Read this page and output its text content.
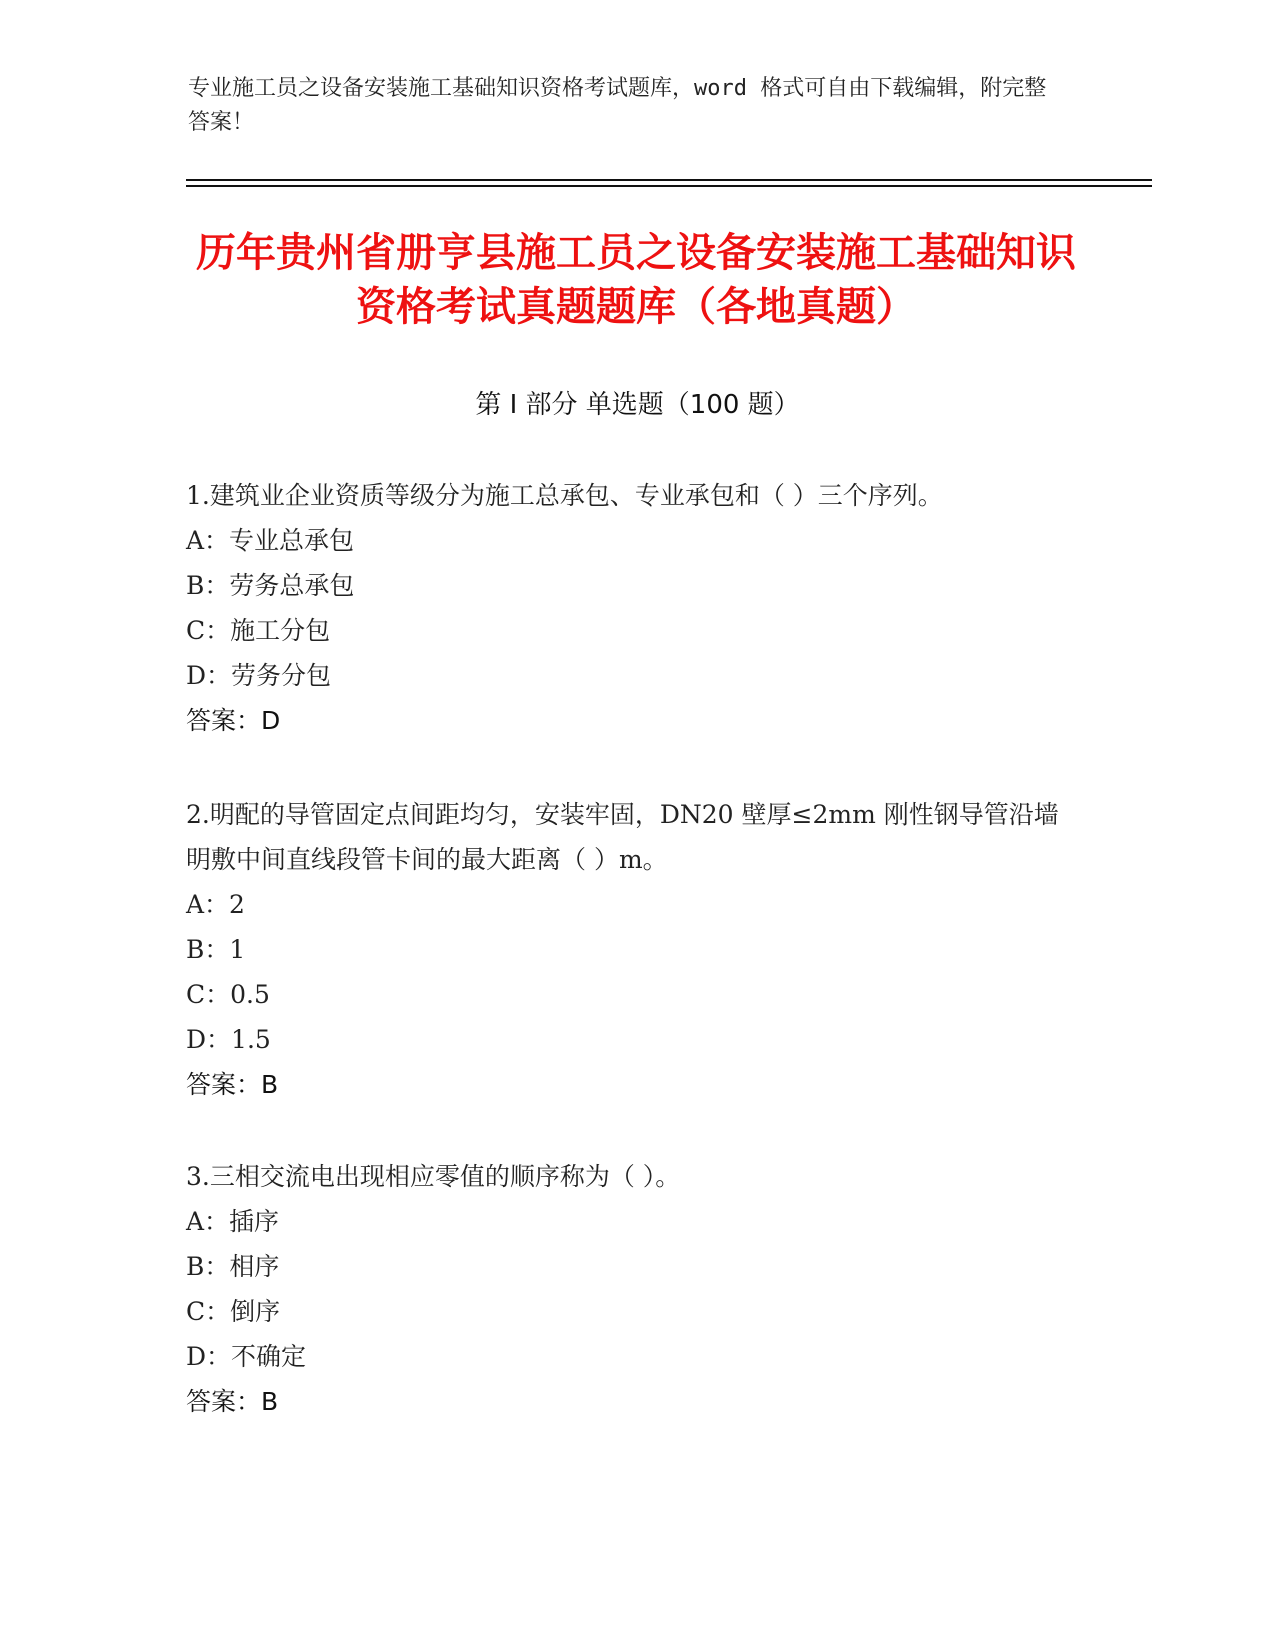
专业施工员之设备安装施工基础知识资格考试题库，word 格式可自由下载编辑，附完整答案！
历年贵州省册亨县施工员之设备安装施工基础知识资格考试真题题库（各地真题）
第 I 部分 单选题（100 题）

1.建筑业企业资质等级分为施工总承包、专业承包和（ ）三个序列。

A：专业总承包

B：劳务总承包

C：施工分包

D：劳务分包

答案：D

2.明配的导管固定点间距均匀，安装牢固，DN20 壁厚≤2mm 刚性钢导管沿墙明敷中间直线段管卡间的最大距离（ ）m。

A：2

B：1

C：0.5

D：1.5

答案：B

3.三相交流电出现相应零值的顺序称为（ ）。

A：插序

B：相序

C：倒序

D：不确定

答案：B
